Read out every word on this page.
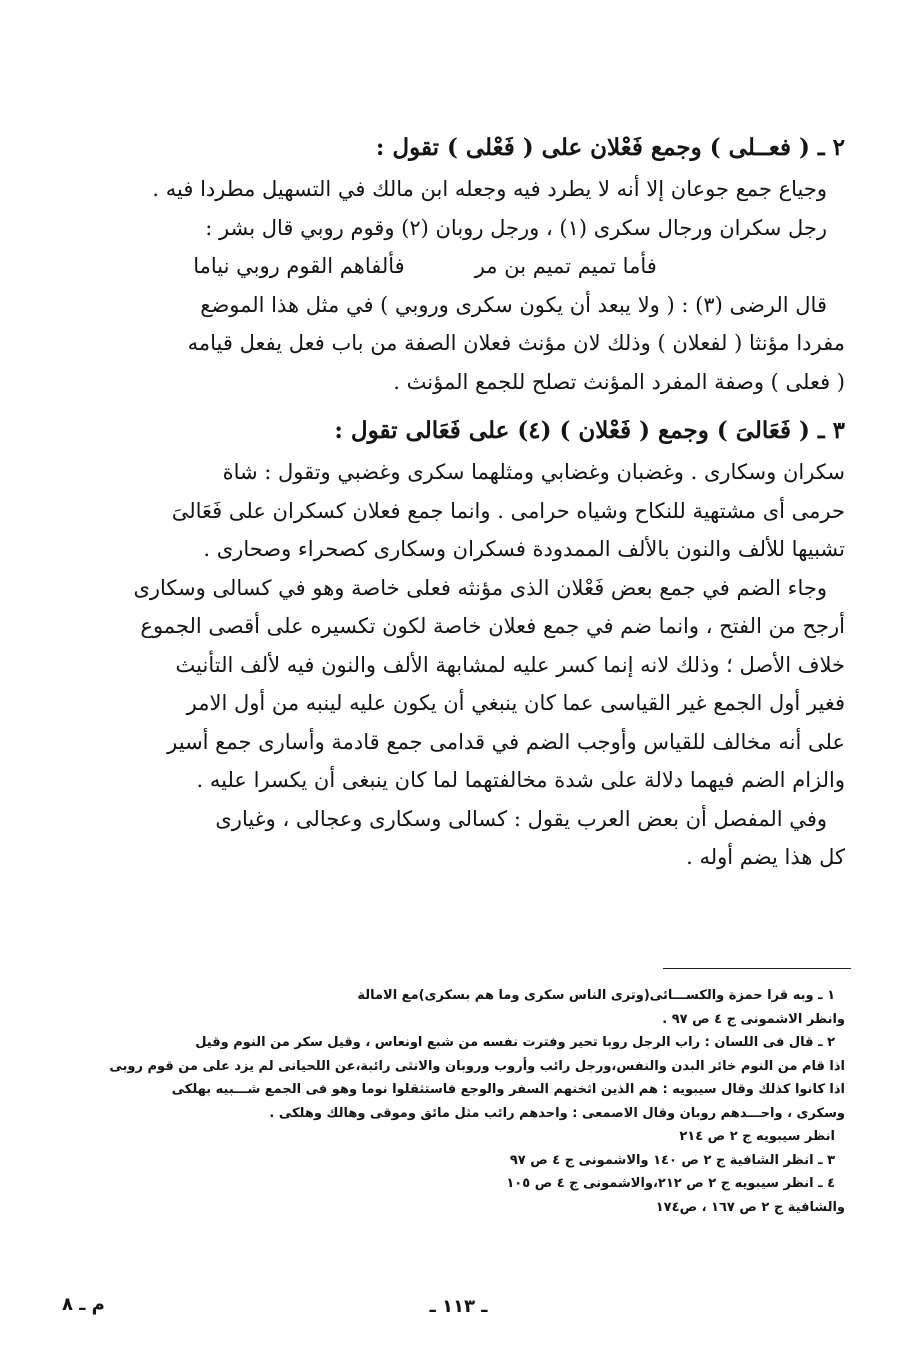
٢ ـ ( فعــلى ) وجمع فَعْلان على ( فَعْلى ) تقول :

وجياع جمع جوعان إلا أنه لا يطرد فيه وجعله ابن مالك في التسهيل مطردا فيه .

رجل سكران ورجال سكرى (١) ، ورجل روبان (٢) وقوم روبي قال بشر :

فأما تميم تميم بن مر
فألفاهم القوم روبي نياما

قال الرضى (٣) : ( ولا يبعد أن يكون سكرى وروبي ) في مثل هذا الموضع

مفردا مؤنثا ( لفعلان ) وذلك لان مؤنث فعلان الصفة من باب فعل يفعل قيامه

( فعلى ) وصفة المفرد المؤنث تصلح للجمع المؤنث .

٣ ـ ( فَعَالىَ ) وجمع ( فَعْلان ) (٤) على فَعَالى تقول :

سكران وسكارى . وغضبان وغضابي ومثلهما سكرى وغضبي وتقول : شاة

حرمى أى مشتهية للنكاح وشياه حرامى . وانما جمع فعلان كسكران على فَعَالىَ

تشبيها للألف والنون بالألف الممدودة فسكران وسكارى كصحراء وصحارى .

وجاء الضم في جمع بعض فَعْلان الذى مؤنثه فعلى خاصة وهو في كسالى وسكارى

أرجح من الفتح ، وانما ضم في جمع فعلان خاصة لكون تكسيره على أقصى الجموع

خلاف الأصل ؛ وذلك لانه إنما كسر عليه لمشابهة الألف والنون فيه لألف التأنيث

فغير أول الجمع غير القياسى عما كان ينبغي أن يكون عليه لينبه من أول الامر

على أنه مخالف للقياس وأوجب الضم في قدامى جمع قادمة وأسارى جمع أسير

والزام الضم فيهما دلالة على شدة مخالفتهما لما كان ينبغى أن يكسرا عليه .

وفي المفصل أن بعض العرب يقول : كسالى وسكارى وعجالى ، وغيارى

كل هذا يضم أوله .

١ ـ وبه قرا حمزة والكســـائى(وترى الناس سكرى وما هم بسكرى)مع الامالة

وانظر الاشمونى ج ٤ ص ٩٧ .

٢ ـ قال فى اللسان : راب الرجل روبا تحير وفترت نفسه من شبع اونعاس ، وقيل سكر من النوم وقيل

اذا قام من النوم خائر البدن والنفس،ورجل رائب وأروب وروبان والانثى رائبة،عن اللحيانى لم يزد على من قوم روبى

اذا كانوا كذلك وقال سيبويه : هم الذين اثخنهم السفر والوجع فاستثقلوا نوما وهو فى الجمع شـــبيه بهلكى

وسكرى ، واحـــدهم روبان وقال الاصمعى : واحدهم رائب مثل مائق وموقى وهالك وهلكى .

انظر سيبويه ج ٢ ص ٢١٤

٣ ـ انظر الشافية ج ٢ ص ١٤٠ والاشمونى ج ٤ ص ٩٧

٤ ـ انظر سيبويه ج ٢ ص ٢١٢،والاشمونى ج ٤ ص ١٠٥

والشافية ج ٢ ص ١٦٧ ، ص١٧٤

ـ ١١٣ ـ
م ـ ٨
